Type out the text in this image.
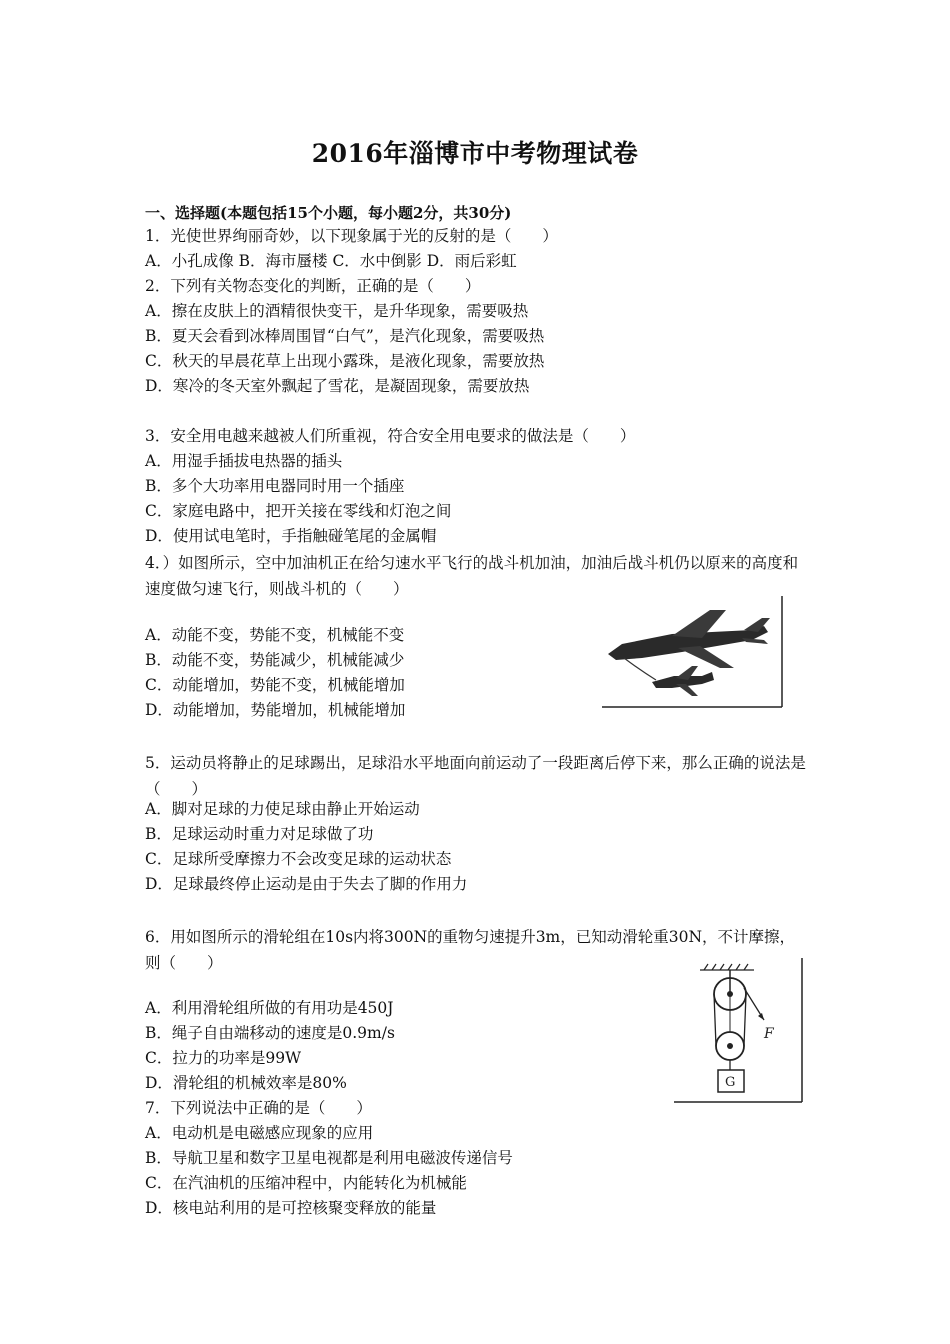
2016年淄博市中考物理试卷
一、选择题(本题包括15个小题，每小题2分，共30分)
1．光使世界绚丽奇妙，以下现象属于光的反射的是（　　）
A．小孔成像 B．海市蜃楼 C．水中倒影 D．雨后彩虹
2．下列有关物态变化的判断，正确的是（　　）
A．擦在皮肤上的酒精很快变干，是升华现象，需要吸热
B．夏天会看到冰棒周围冒“白气”，是汽化现象，需要吸热
C．秋天的早晨花草上出现小露珠，是液化现象，需要放热
D．寒冷的冬天室外飘起了雪花，是凝固现象，需要放热
3．安全用电越来越被人们所重视，符合安全用电要求的做法是（　　）
A．用湿手插拔电热器的插头
B．多个大功率用电器同时用一个插座
C．家庭电路中，把开关接在零线和灯泡之间
D．使用试电笔时，手指触碰笔尾的金属帽
4．）如图所示，空中加油机正在给匀速水平飞行的战斗机加油，加油后战斗机仍以原来的高度和速度做匀速飞行，则战斗机的（　　）
A．动能不变，势能不变，机械能不变
B．动能不变，势能减少，机械能减少
C．动能增加，势能不变，机械能增加
D．动能增加，势能增加，机械能增加
5．运动员将静止的足球踢出，足球沿水平地面向前运动了一段距离后停下来，那么正确的说法是（　　）
A．脚对足球的力使足球由静止开始运动
B．足球运动时重力对足球做了功
C．足球所受摩擦力不会改变足球的运动状态
D．足球最终停止运动是由于失去了脚的作用力
6．用如图所示的滑轮组在10s内将300N的重物匀速提升3m，已知动滑轮重30N，不计摩擦，则（　　）
A．利用滑轮组所做的有用功是450J
B．绳子自由端移动的速度是0.9m/s
C．拉力的功率是99W
D．滑轮组的机械效率是80%
F
G
7．下列说法中正确的是（　　）
A．电动机是电磁感应现象的应用
B．导航卫星和数字卫星电视都是利用电磁波传递信号
C．在汽油机的压缩冲程中，内能转化为机械能
D．核电站利用的是可控核聚变释放的能量
